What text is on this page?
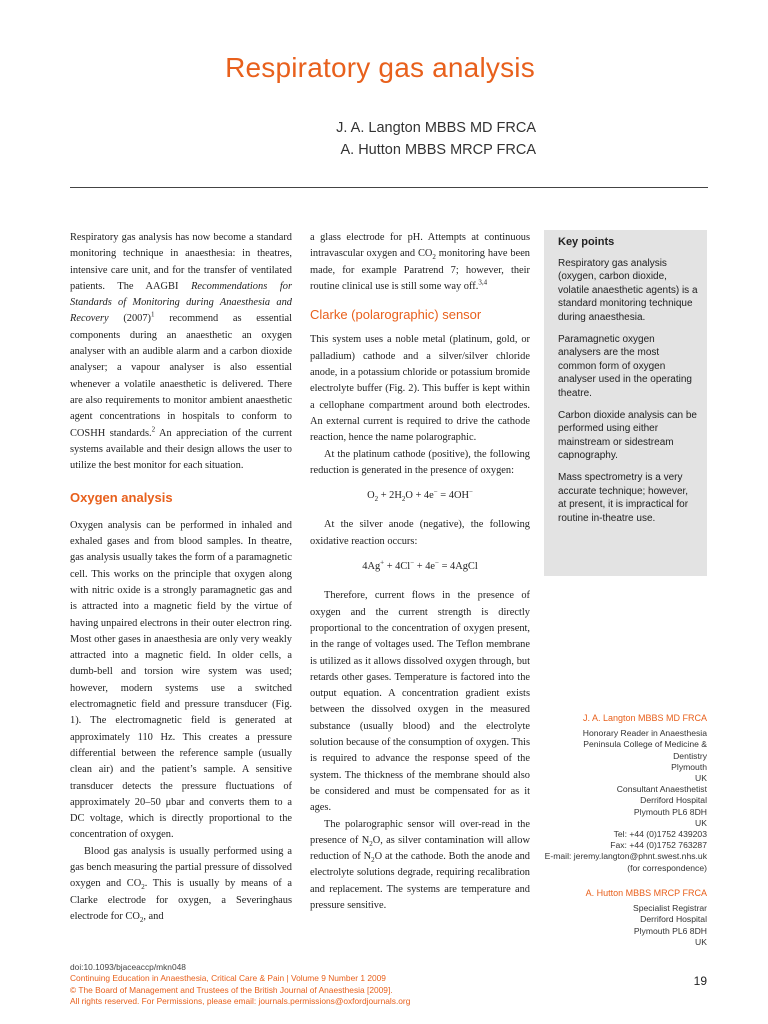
Respiratory gas analysis
J. A. Langton MBBS MD FRCA
A. Hutton MBBS MRCP FRCA

Respiratory gas analysis has now become a standard monitoring technique in anaesthesia: in theatres, intensive care unit, and for the transfer of ventilated patients. The AAGBI Recommendations for Standards of Monitoring during Anaesthesia and Recovery $(2007)^1$ recommend as essential components during an anaesthetic an oxygen analyser with an audible alarm and a carbon dioxide analyser; a vapour analyser is also essential whenever a volatile anaesthetic is delivered. There are also requirements to monitor ambient anaesthetic agent concentrations in hospitals to conform to COSHH standards.$^2$ An appreciation of the current systems available and their design allows the user to utilize the best monitor for each situation.

Oxygen analysis

Oxygen analysis can be performed in inhaled and exhaled gases and from blood samples. In theatre, gas analysis usually takes the form of a paramagnetic cell. This works on the principle that oxygen along with nitric oxide is a strongly paramagnetic gas and is attracted into a magnetic field by the virtue of having unpaired electrons in their outer electron ring. Most other gases in anaesthesia are only very weakly attracted into a magnetic field. In older cells, a dumb-bell and torsion wire system was used; however, modern systems use a switched electromagnetic field and pressure transducer (Fig. 1). The electromagnetic field is generated at approximately 110 Hz. This creates a pressure differential between the reference sample (usually clean air) and the patient’s sample. A sensitive transducer detects the pressure fluctuations of approximately 20–50 μbar and converts them to a DC voltage, which is directly proportional to the concentration of oxygen.

Blood gas analysis is usually performed using a gas bench measuring the partial pressure of dissolved oxygen and $CO_2$. This is usually by means of a Clarke electrode for oxygen, a Severinghaus electrode for $CO_2$, and

a glass electrode for pH. Attempts at continuous intravascular oxygen and $CO_2$ monitoring have been made, for example Paratrend 7; however, their routine clinical use is still some way off.$^{3,4}$

Clarke (polarographic) sensor

This system uses a noble metal (platinum, gold, or palladium) cathode and a silver/silver chloride anode, in a potassium chloride or potassium bromide electrolyte buffer (Fig. 2). This buffer is kept within a cellophane compartment around both electrodes. An external current is required to drive the cathode reaction, hence the name polarographic.

At the platinum cathode (positive), the following reduction is generated in the presence of oxygen:

$O_2 + 2H_2O + 4e^- = 4OH^-$

At the silver anode (negative), the following oxidative reaction occurs:

4Ag+ + 4Cl− + 4e− = 4AgCl

Therefore, current flows in the presence of oxygen and the current strength is directly proportional to the concentration of oxygen present, in the range of voltages used. The Teflon membrane is utilized as it allows dissolved oxygen through, but retards other gases. Temperature is factored into the output equation. A concentration gradient exists between the dissolved oxygen in the measured substance (usually blood) and the electrolyte solution because of the consumption of oxygen. This is required to advance the response speed of the system. The thickness of the membrane should also be considered and must be compensated for as it ages.

The polarographic sensor will over-read in the presence of $N_2O$, as silver contamination will allow reduction of $N_2O$ at the cathode. Both the anode and electrolyte solutions degrade, requiring recalibration and replacement. The systems are temperature and pressure sensitive.

Key points
Respiratory gas analysis (oxygen, carbon dioxide, volatile anaesthetic agents) is a standard monitoring technique during anaesthesia.
Paramagnetic oxygen analysers are the most common form of oxygen analyser used in the operating theatre.
Carbon dioxide analysis can be performed using either mainstream or sidestream capnography.
Mass spectrometry is a very accurate technique; however, at present, it is impractical for routine in-theatre use.
J. A. Langton MBBS MD FRCA
Honorary Reader in Anaesthesia
Peninsula College of Medicine &
Dentistry
Plymouth
UK
Consultant Anaesthetist
Derriford Hospital
Plymouth PL6 8DH
UK
Tel: +44 (0)1752 439203
Fax: +44 (0)1752 763287
E-mail: jeremy.langton@phnt.swest.nhs.uk
(for correspondence)
A. Hutton MBBS MRCP FRCA
Specialist Registrar
Derriford Hospital
Plymouth PL6 8DH
UK
doi:10.1093/bjaceaccp/mkn048
Continuing Education in Anaesthesia, Critical Care & Pain | Volume 9 Number 1 2009
© The Board of Management and Trustees of the British Journal of Anaesthesia [2009].
All rights reserved. For Permissions, please email: journals.permissions@oxfordjournals.org
19
